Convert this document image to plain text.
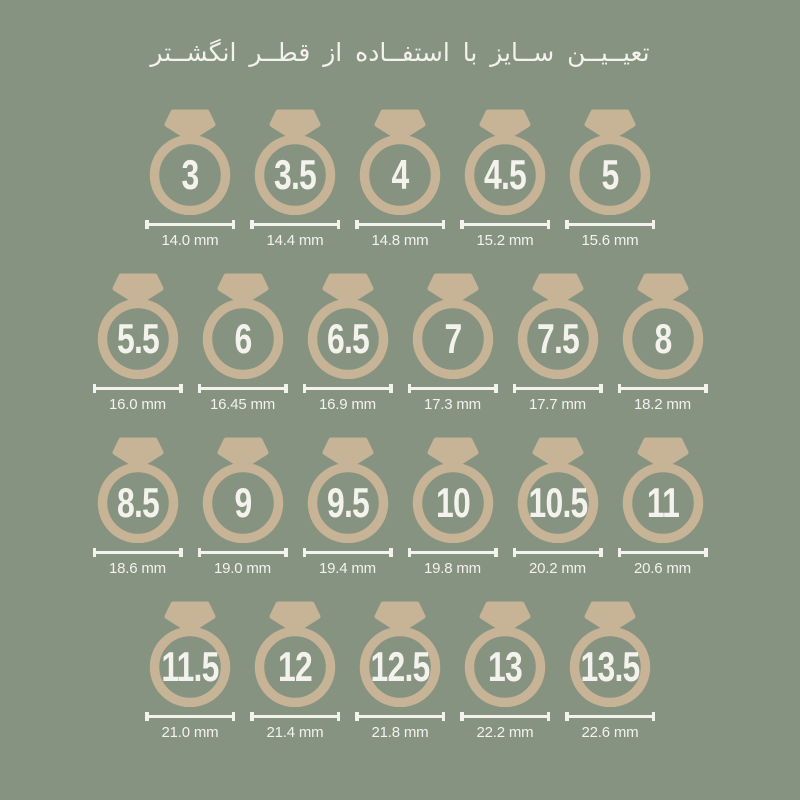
تعیــیــن ســایز با استفــاده از قطــر انگشــتر
3
14.0 mm
3.5
14.4 mm
4
14.8 mm
4.5
15.2 mm
5
15.6 mm
5.5
16.0 mm
6
16.45 mm
6.5
16.9 mm
7
17.3 mm
7.5
17.7 mm
8
18.2 mm
8.5
18.6 mm
9
19.0 mm
9.5
19.4 mm
10
19.8 mm
10.5
20.2 mm
11
20.6 mm
11.5
21.0 mm
12
21.4 mm
12.5
21.8 mm
13
22.2 mm
13.5
22.6 mm
